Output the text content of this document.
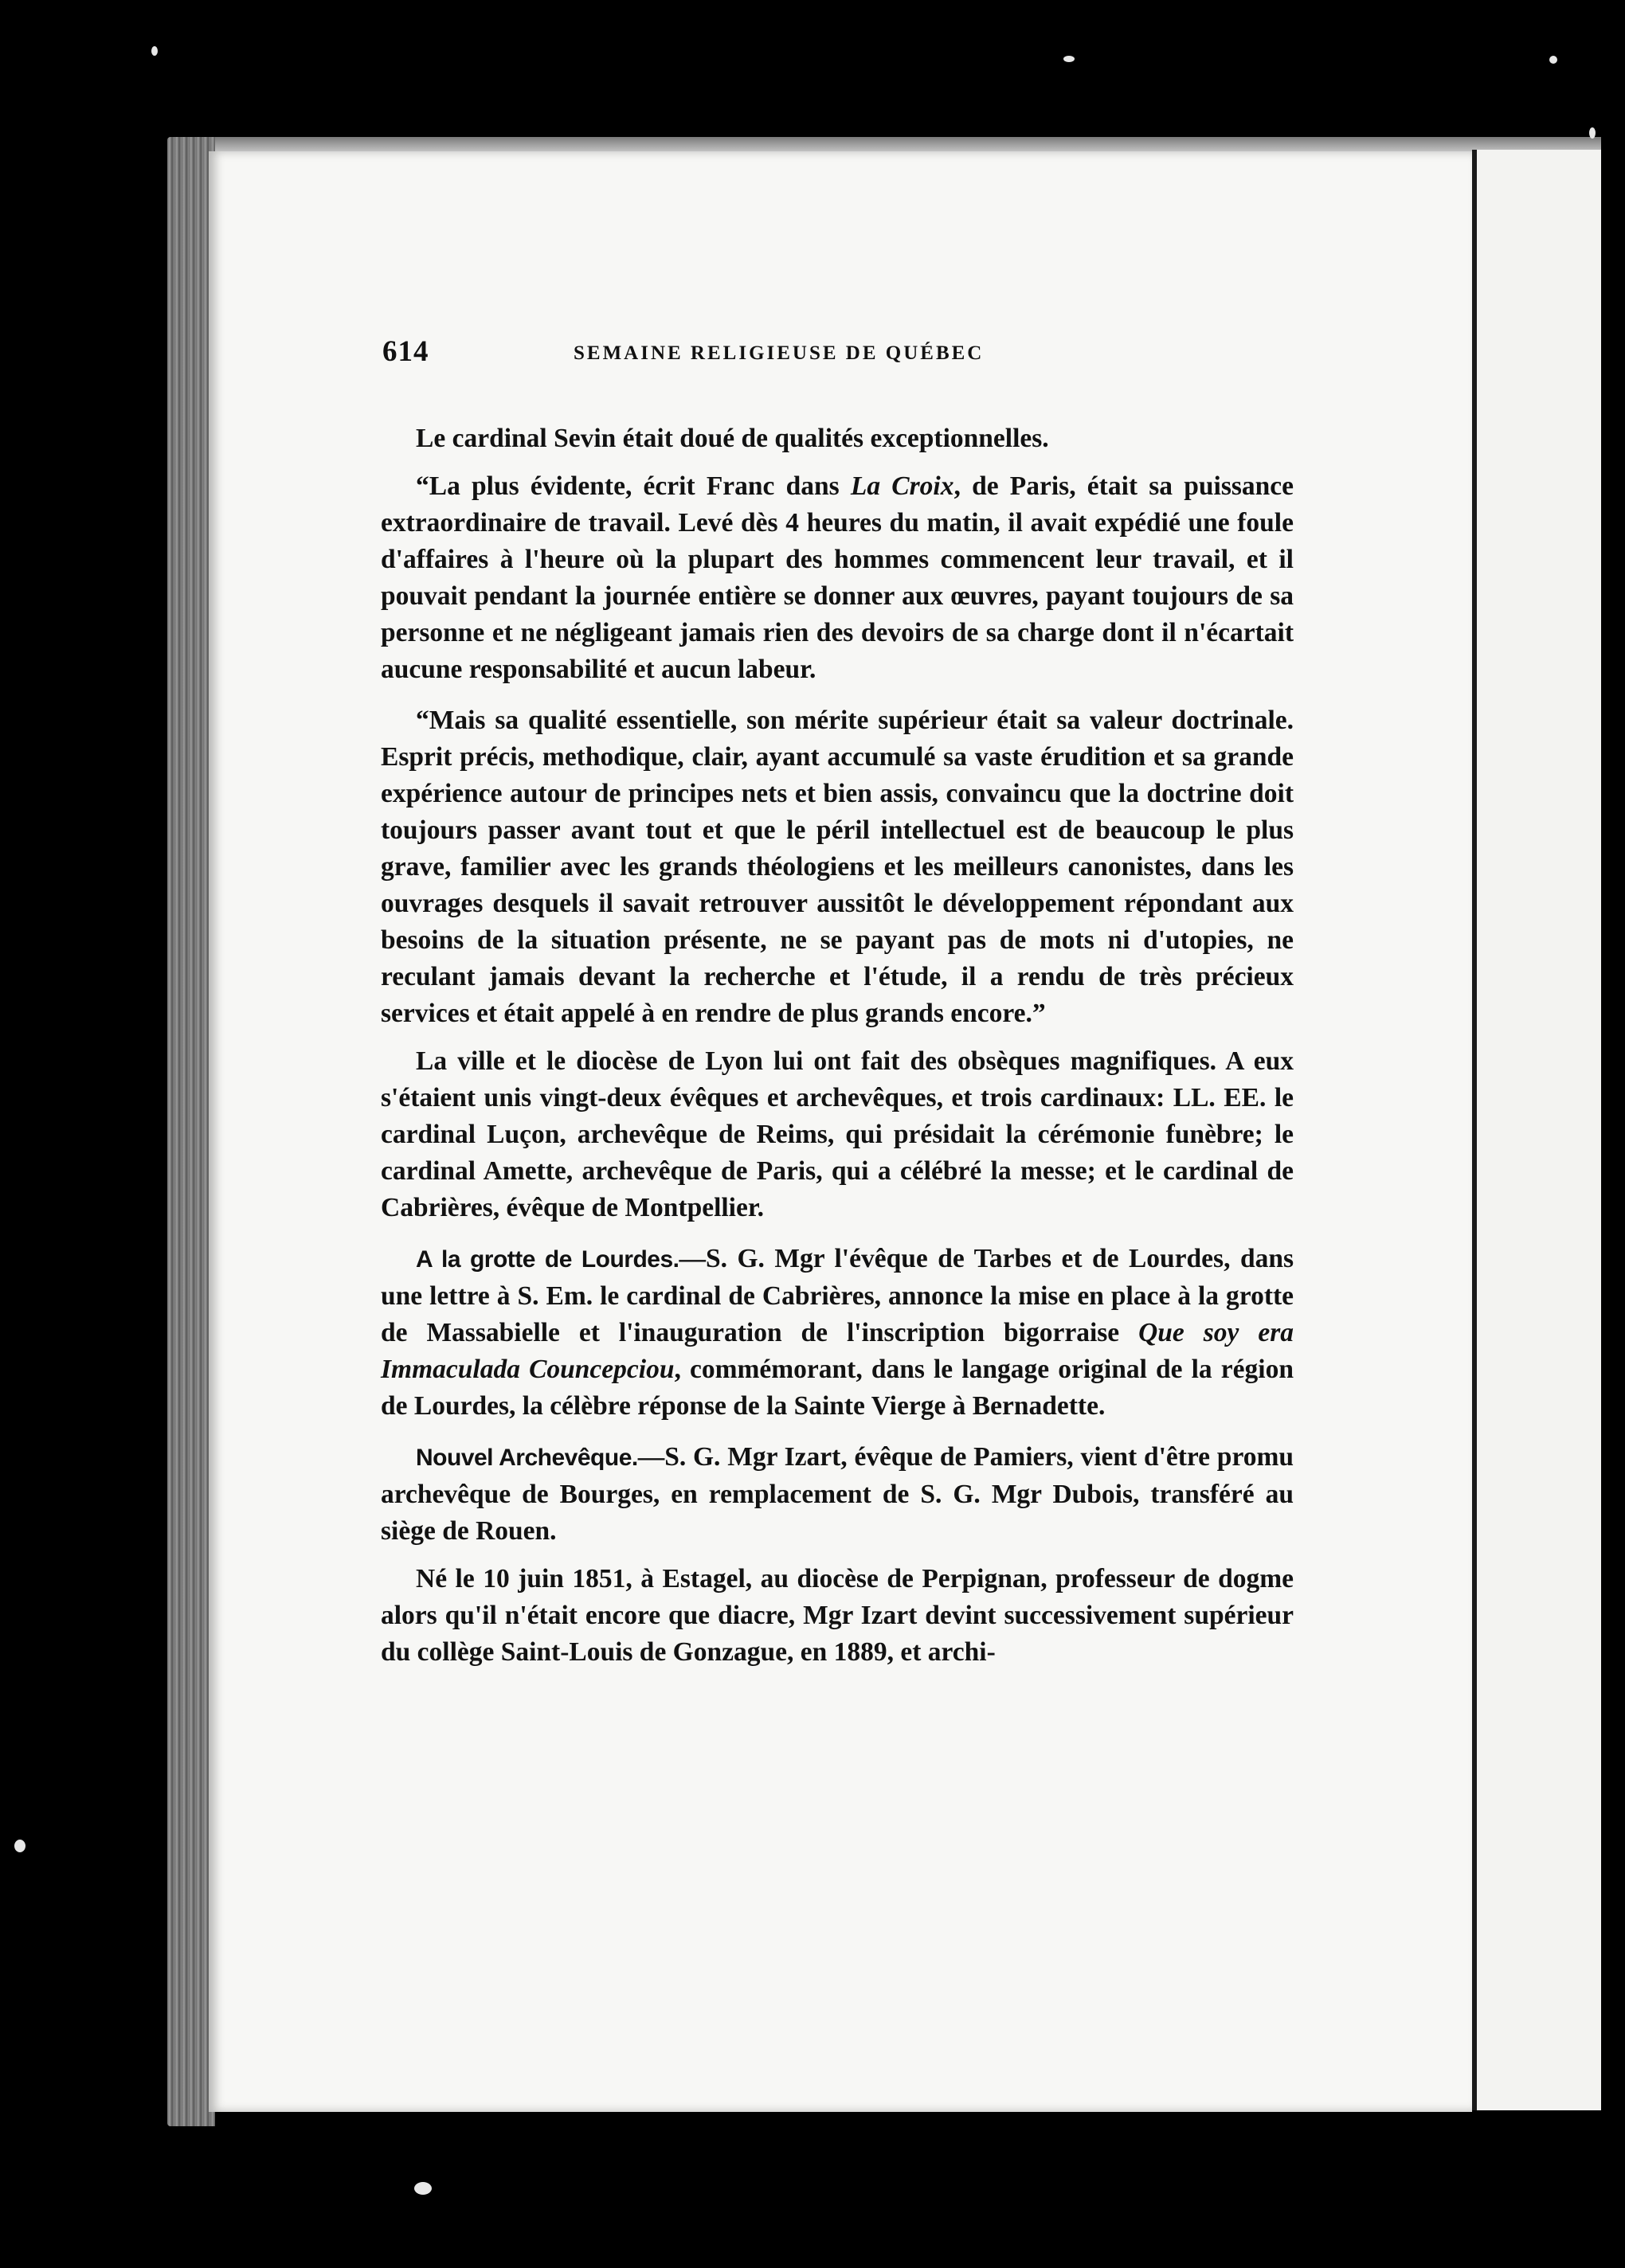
614	SEMAINE RELIGIEUSE DE QUÉBEC

Le cardinal Sevin était doué de qualités exceptionnelles.

“La plus évidente, écrit Franc dans La Croix, de Paris, était sa puissance extraordinaire de travail. Levé dès 4 heures du matin, il avait expédié une foule d'affaires à l'heure où la plupart des hommes commencent leur travail, et il pouvait pendant la journée entière se donner aux œuvres, payant toujours de sa personne et ne négligeant jamais rien des devoirs de sa charge dont il n'écartait aucune responsabilité et aucun labeur.

“Mais sa qualité essentielle, son mérite supérieur était sa valeur doctrinale. Esprit précis, methodique, clair, ayant accumulé sa vaste érudition et sa grande expérience autour de principes nets et bien assis, convaincu que la doctrine doit toujours passer avant tout et que le péril intellectuel est de beaucoup le plus grave, familier avec les grands théologiens et les meilleurs canonistes, dans les ouvrages desquels il savait retrouver aussitôt le développement répondant aux besoins de la situation présente, ne se payant pas de mots ni d'utopies, ne reculant jamais devant la recherche et l'étude, il a rendu de très précieux services et était appelé à en rendre de plus grands encore.”

La ville et le diocèse de Lyon lui ont fait des obsèques magnifiques. A eux s'étaient unis vingt-deux évêques et archevêques, et trois cardinaux: LL. EE. le cardinal Luçon, archevêque de Reims, qui présidait la cérémonie funèbre; le cardinal Amette, archevêque de Paris, qui a célébré la messe; et le cardinal de Cabrières, évêque de Montpellier.

A la grotte de Lourdes.—S. G. Mgr l'évêque de Tarbes et de Lourdes, dans une lettre à S. Em. le cardinal de Cabrières, annonce la mise en place à la grotte de Massabielle et l'inauguration de l'inscription bigorraise Que soy era Immaculada Councepciou, commémorant, dans le langage original de la région de Lourdes, la célèbre réponse de la Sainte Vierge à Bernadette.

Nouvel Archevêque.—S. G. Mgr Izart, évêque de Pamiers, vient d'être promu archevêque de Bourges, en remplacement de S. G. Mgr Dubois, transféré au siège de Rouen.

Né le 10 juin 1851, à Estagel, au diocèse de Perpignan, professeur de dogme alors qu'il n'était encore que diacre, Mgr Izart devint successivement supérieur du collège Saint-Louis de Gonzague, en 1889, et archi-
